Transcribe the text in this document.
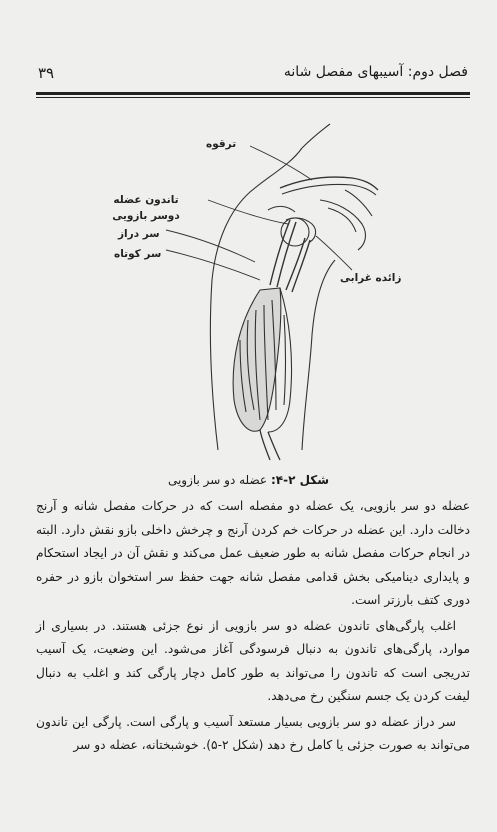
فصل دوم: آسیبهای مفصل شانه
۳۹
ترقوه
تاندون عضله دوسر بازویی
سر دراز
سر کوتاه
زائده غرابی
شکل ۲-۴: عضله دو سر بازویی

عضله دو سر بازویی، یک عضله دو مفصله است که در حرکات مفصل شانه و آرنج دخالت دارد. این عضله در حرکات خم کردن آرنج و چرخش داخلی بازو نقش دارد. البته در انجام حرکات مفصل شانه به طور ضعیف عمل می‌کند و نقش آن در ایجاد استحکام و پایداری دینامیکی بخش قدامی مفصل شانه جهت حفظ سر استخوان بازو در حفره دوری کتف بارزتر است.

اغلب پارگی‌های تاندون عضله دو سر بازویی از نوع جزئی هستند. در بسیاری از موارد، پارگی‌های تاندون به دنبال فرسودگی آغاز می‌شود. این وضعیت، یک آسیب تدریجی است که تاندون را می‌تواند به طور کامل دچار پارگی کند و اغلب به دنبال لیفت کردن یک جسم سنگین رخ می‌دهد.

سر دراز عضله دو سر بازویی بسیار مستعد آسیب و پارگی است. پارگی این تاندون می‌تواند به صورت جزئی یا کامل رخ دهد (شکل ۲-۵). خوشبختانه، عضله دو سر
